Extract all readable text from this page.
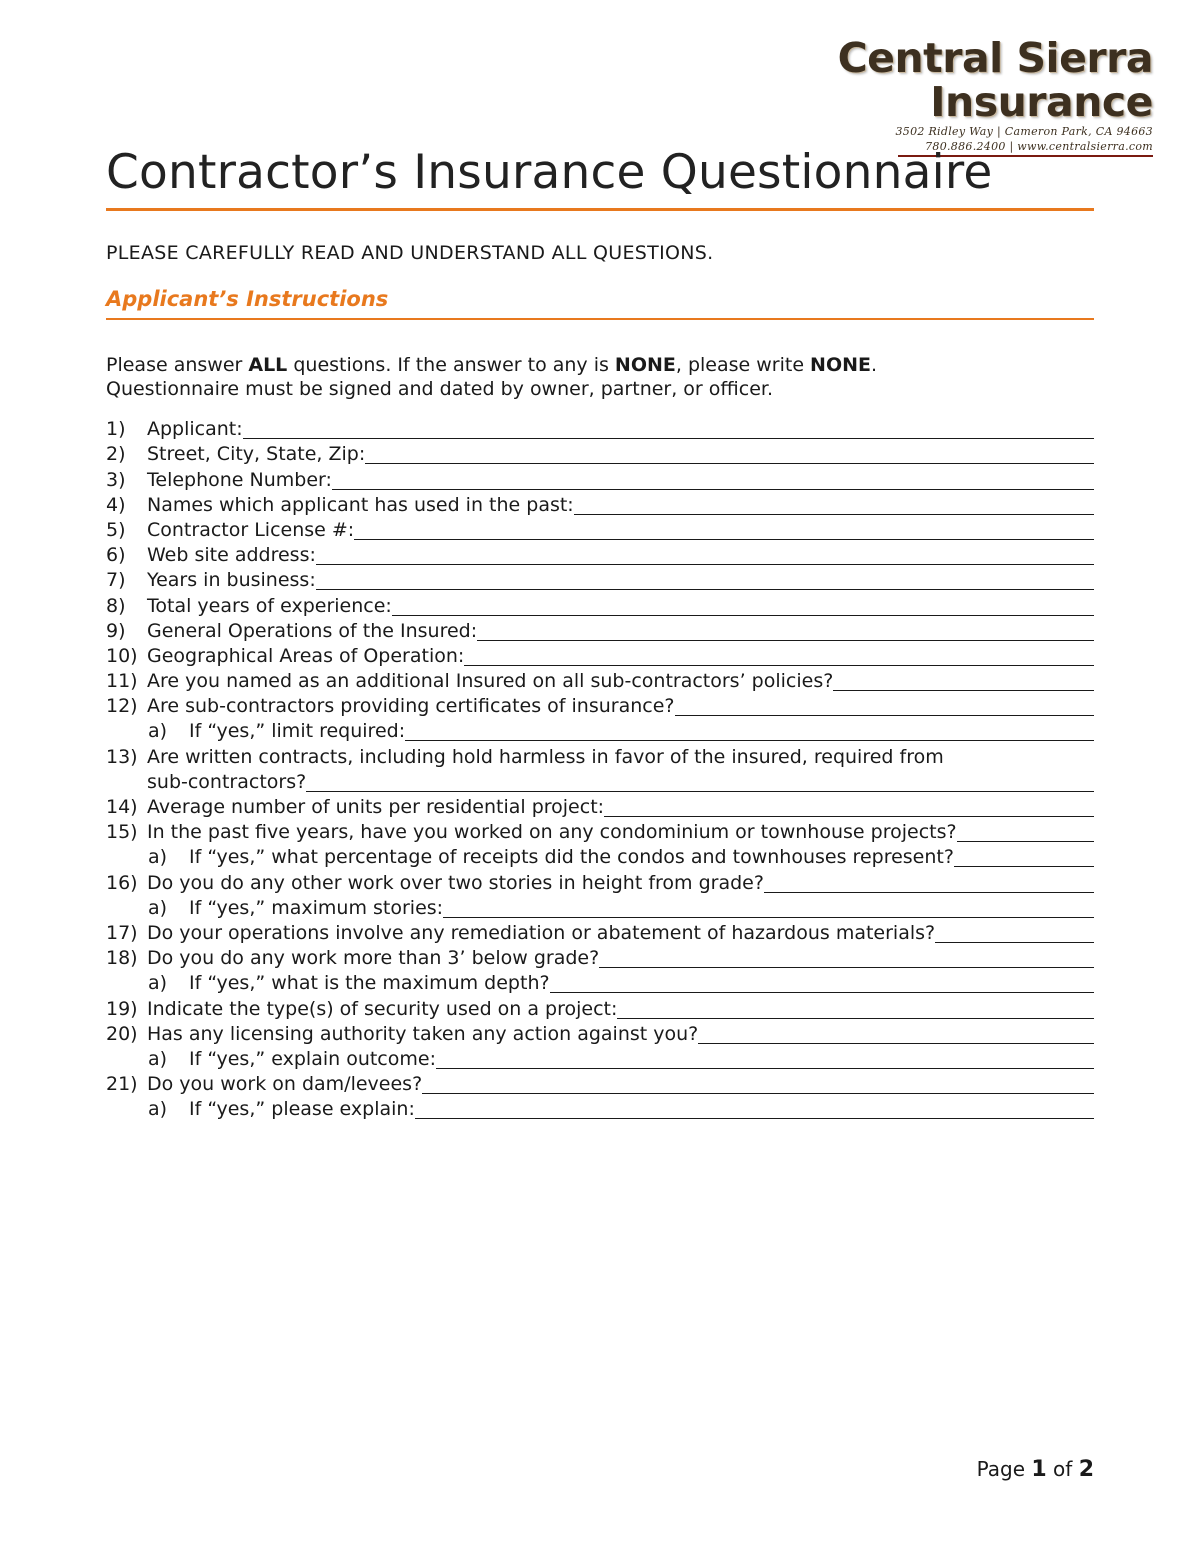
Central Sierra Insurance
3502 Ridley Way | Cameron Park, CA 94663
780.886.2400 | www.centralsierra.com
Contractor’s Insurance Questionnaire
PLEASE CAREFULLY READ AND UNDERSTAND ALL QUESTIONS.
Applicant’s Instructions
Please answer ALL questions. If the answer to any is NONE, please write NONE.
Questionnaire must be signed and dated by owner, partner, or officer.
1)	Applicant:
2)	Street, City, State, Zip:
3)	Telephone Number:
4)	Names which applicant has used in the past:
5)	Contractor License #:
6)	Web site address:
7)	Years in business:
8)	Total years of experience:
9)	General Operations of the Insured:
10) Geographical Areas of Operation:
11) Are you named as an additional Insured on all sub-contractors’ policies?
12) Are sub-contractors providing certificates of insurance?
a)	If “yes,” limit required:
13) Are written contracts, including hold harmless in favor of the insured, required from
sub-contractors?
14) Average number of units per residential project:
15) In the past five years, have you worked on any condominium or townhouse projects?
a)	If “yes,” what percentage of receipts did the condos and townhouses represent?
16) Do you do any other work over two stories in height from grade?
a)	If “yes,” maximum stories:
17) Do your operations involve any remediation or abatement of hazardous materials?
18) Do you do any work more than 3’ below grade?
a)	If “yes,” what is the maximum depth?
19) Indicate the type(s) of security used on a project:
20) Has any licensing authority taken any action against you?
a)	If “yes,” explain outcome:
21) Do you work on dam/levees?
a)	If “yes,” please explain:
Page 1 of 2
